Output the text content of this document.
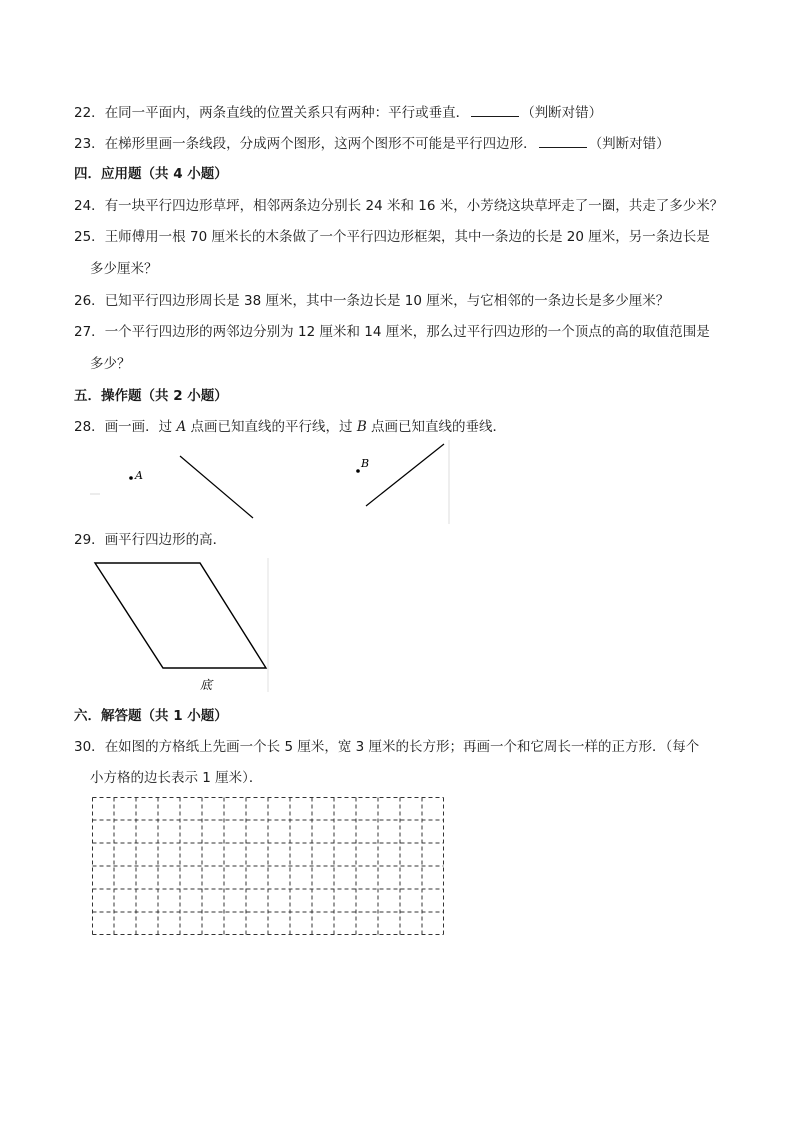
22．在同一平面内，两条直线的位置关系只有两种：平行或垂直．	（判断对错）
23．在梯形里画一条线段，分成两个图形，这两个图形不可能是平行四边形．	（判断对错）
四．应用题（共 4 小题）
24．有一块平行四边形草坪，相邻两条边分别长 24 米和 16 米，小芳绕这块草坪走了一圈，共走了多少米？
25．王师傅用一根 70 厘米长的木条做了一个平行四边形框架，其中一条边的长是 20 厘米，另一条边长是
多少厘米？
26．已知平行四边形周长是 38 厘米，其中一条边长是 10 厘米，与它相邻的一条边长是多少厘米？
27．一个平行四边形的两邻边分别为 12 厘米和 14 厘米，那么过平行四边形的一个顶点的高的取值范围是
多少？
五．操作题（共 2 小题）
28．画一画．过 A 点画已知直线的平行线，过 B 点画已知直线的垂线．
A
B
29．画平行四边形的高．
底
六．解答题（共 1 小题）
30．在如图的方格纸上先画一个长 5 厘米，宽 3 厘米的长方形；再画一个和它周长一样的正方形．（每个
小方格的边长表示 1 厘米）．
